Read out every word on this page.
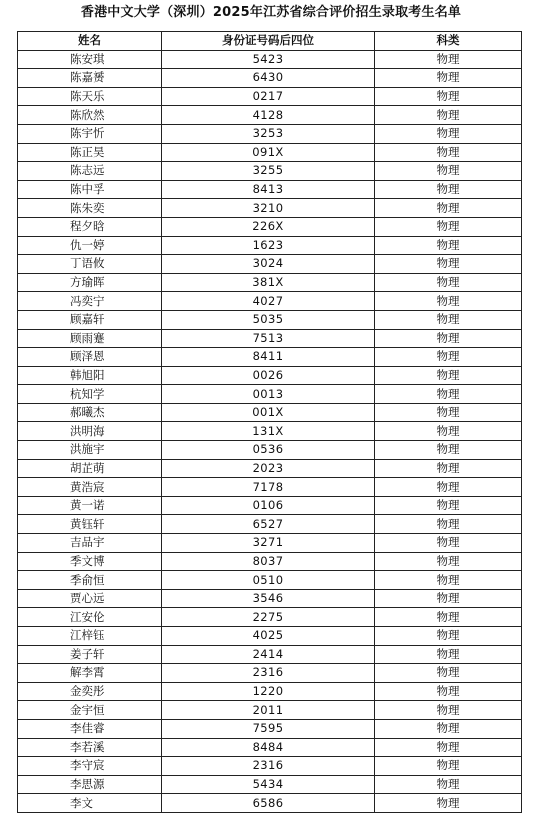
香港中文大学（深圳）2025年江苏省综合评价招生录取考生名单
姓名	身份证号码后四位	科类
陈安琪	5423	物理
陈嘉赟	6430	物理
陈天乐	0217	物理
陈欣然	4128	物理
陈宇忻	3253	物理
陈正昊	091X	物理
陈志远	3255	物理
陈中孚	8413	物理
陈朱奕	3210	物理
程夕晗	226X	物理
仇一婷	1623	物理
丁语攸	3024	物理
方瑜晖	381X	物理
冯奕宁	4027	物理
顾嘉轩	5035	物理
顾雨蹇	7513	物理
顾泽恩	8411	物理
韩旭阳	0026	物理
杭知学	0013	物理
郝曦杰	001X	物理
洪明海	131X	物理
洪施宇	0536	物理
胡芷萌	2023	物理
黄浩宸	7178	物理
黄一诺	0106	物理
黄钰轩	6527	物理
吉品宇	3271	物理
季文博	8037	物理
季俞恒	0510	物理
贾心远	3546	物理
江安伦	2275	物理
江梓钰	4025	物理
姜子轩	2414	物理
解李霄	2316	物理
金奕彤	1220	物理
金宇恒	2011	物理
李佳睿	7595	物理
李若溪	8484	物理
李守宸	2316	物理
李思源	5434	物理
李文	6586	物理
